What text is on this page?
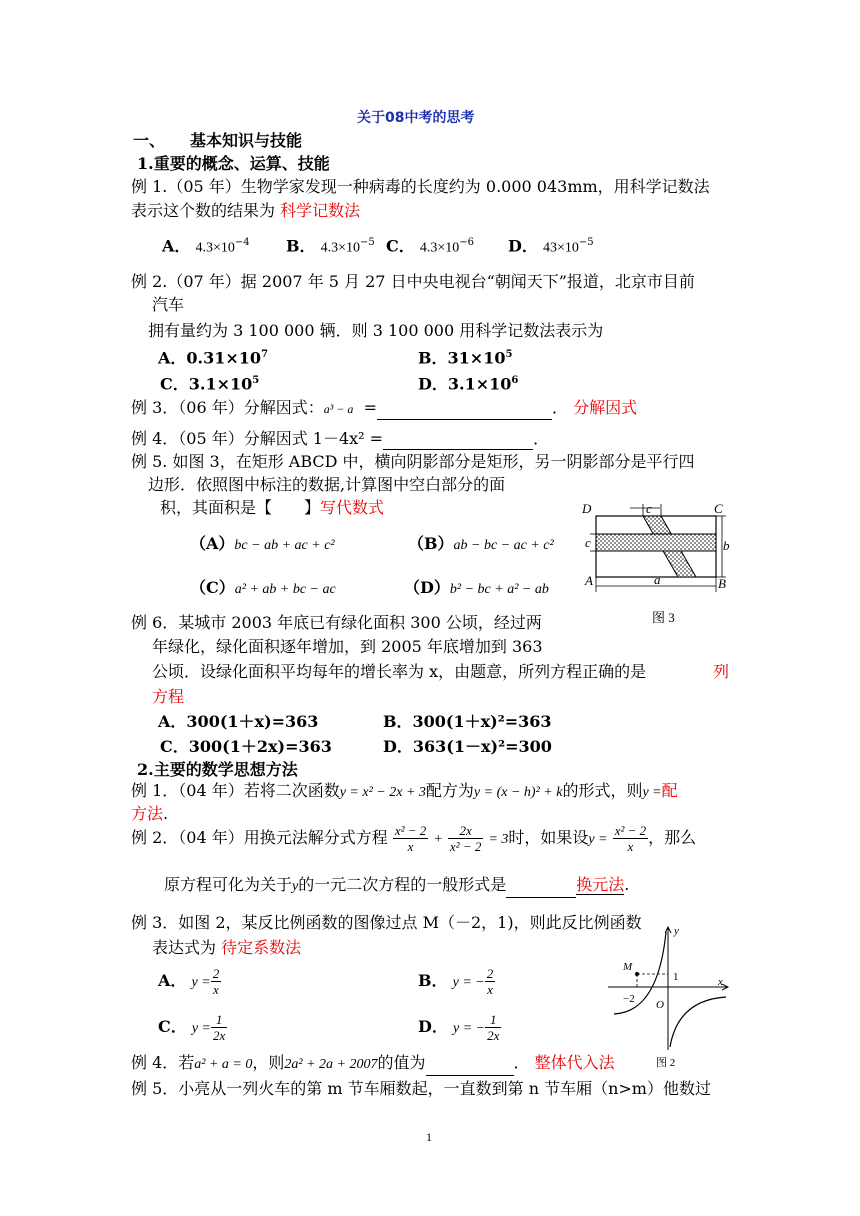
关于08中考的思考
一、 基本知识与技能
1.重要的概念、运算、技能
例 1.（05 年）生物学家发现一种病毒的长度约为 0.000 043mm，用科学记数法
表示这个数的结果为 科学记数法
A． $4.3\times 10^{-4}$ B． $4.3\times 10^{-5}$ C． $4.3\times 10^{-6}$ D． $43\times 10^{-5}$
例 2.（07 年）据 2007 年 5 月 27 日中央电视台“朝闻天下”报道，北京市目前
汽车
拥有量约为 3 100 000 辆．则 3 100 000 用科学记数法表示为
A．$0.31\times 10^7$	B．$31\times 10^5$
C．$3.1\times 10^5$	D．$3.1\times 10^6$
例 3．（06 年）分解因式：a³ − a =	． 分解因式
例 4．（05 年）分解因式 1－4x² =	．
例 5. 如图 3，在矩形 ABCD 中，横向阴影部分是矩形，另一阴影部分是平行四
边形．依照图中标注的数据,计算图中空白部分的面
积，其面积是【　　】写代数式
（A）bc − ab + ac + c²	（B）ab − bc − ac + c²
（C）a² + ab + bc − ac	（D）b² − bc + a² − ab
D	c	C
c	b
A	a	B
图 3
例 6．某城市 2003 年底已有绿化面积 300 公顷，经过两
年绿化，绿化面积逐年增加，到 2005 年底增加到 363
公顷．设绿化面积平均每年的增长率为 x，由题意，所列方程正确的是	列
方程
A．300(1＋x)=363	B．300(1＋x)²=363
C．300(1＋2x)=363	D．363(1－x)²=300
2.主要的数学思想方法
例 1．（04 年）若将二次函数y = x² − 2x + 3配方为y = (x − h)² + k的形式，则y =配
方法.
例 2．（04 年）用换元法解分式方程 $\frac{\text{x² − 2}}{x} + \frac{2x}{\text{x² − 2}} = 3$时，如果设$y = \frac{\text{x² − 2}}{x}$ ，那么
原方程可化为关于y的一元二次方程的一般形式是	换元法.
例 3．如图 2，某反比例函数的图像过点 M（－2，1)，则此反比例函数
表达式为 待定系数法
A． $y = \frac{2}{x}$	B． y = − $\frac{2}{x}$
C． $y = \frac{1}{2x}$	D． y = − $\frac{1}{2x}$
y
x
M
1
−2 O
图 2
例 4．若a² + a = 0，则2a² + 2a + 2007的值为	． 整体代入法
例 5．小亮从一列火车的第 m 节车厢数起，一直数到第 n 节车厢（n>m）他数过
1
